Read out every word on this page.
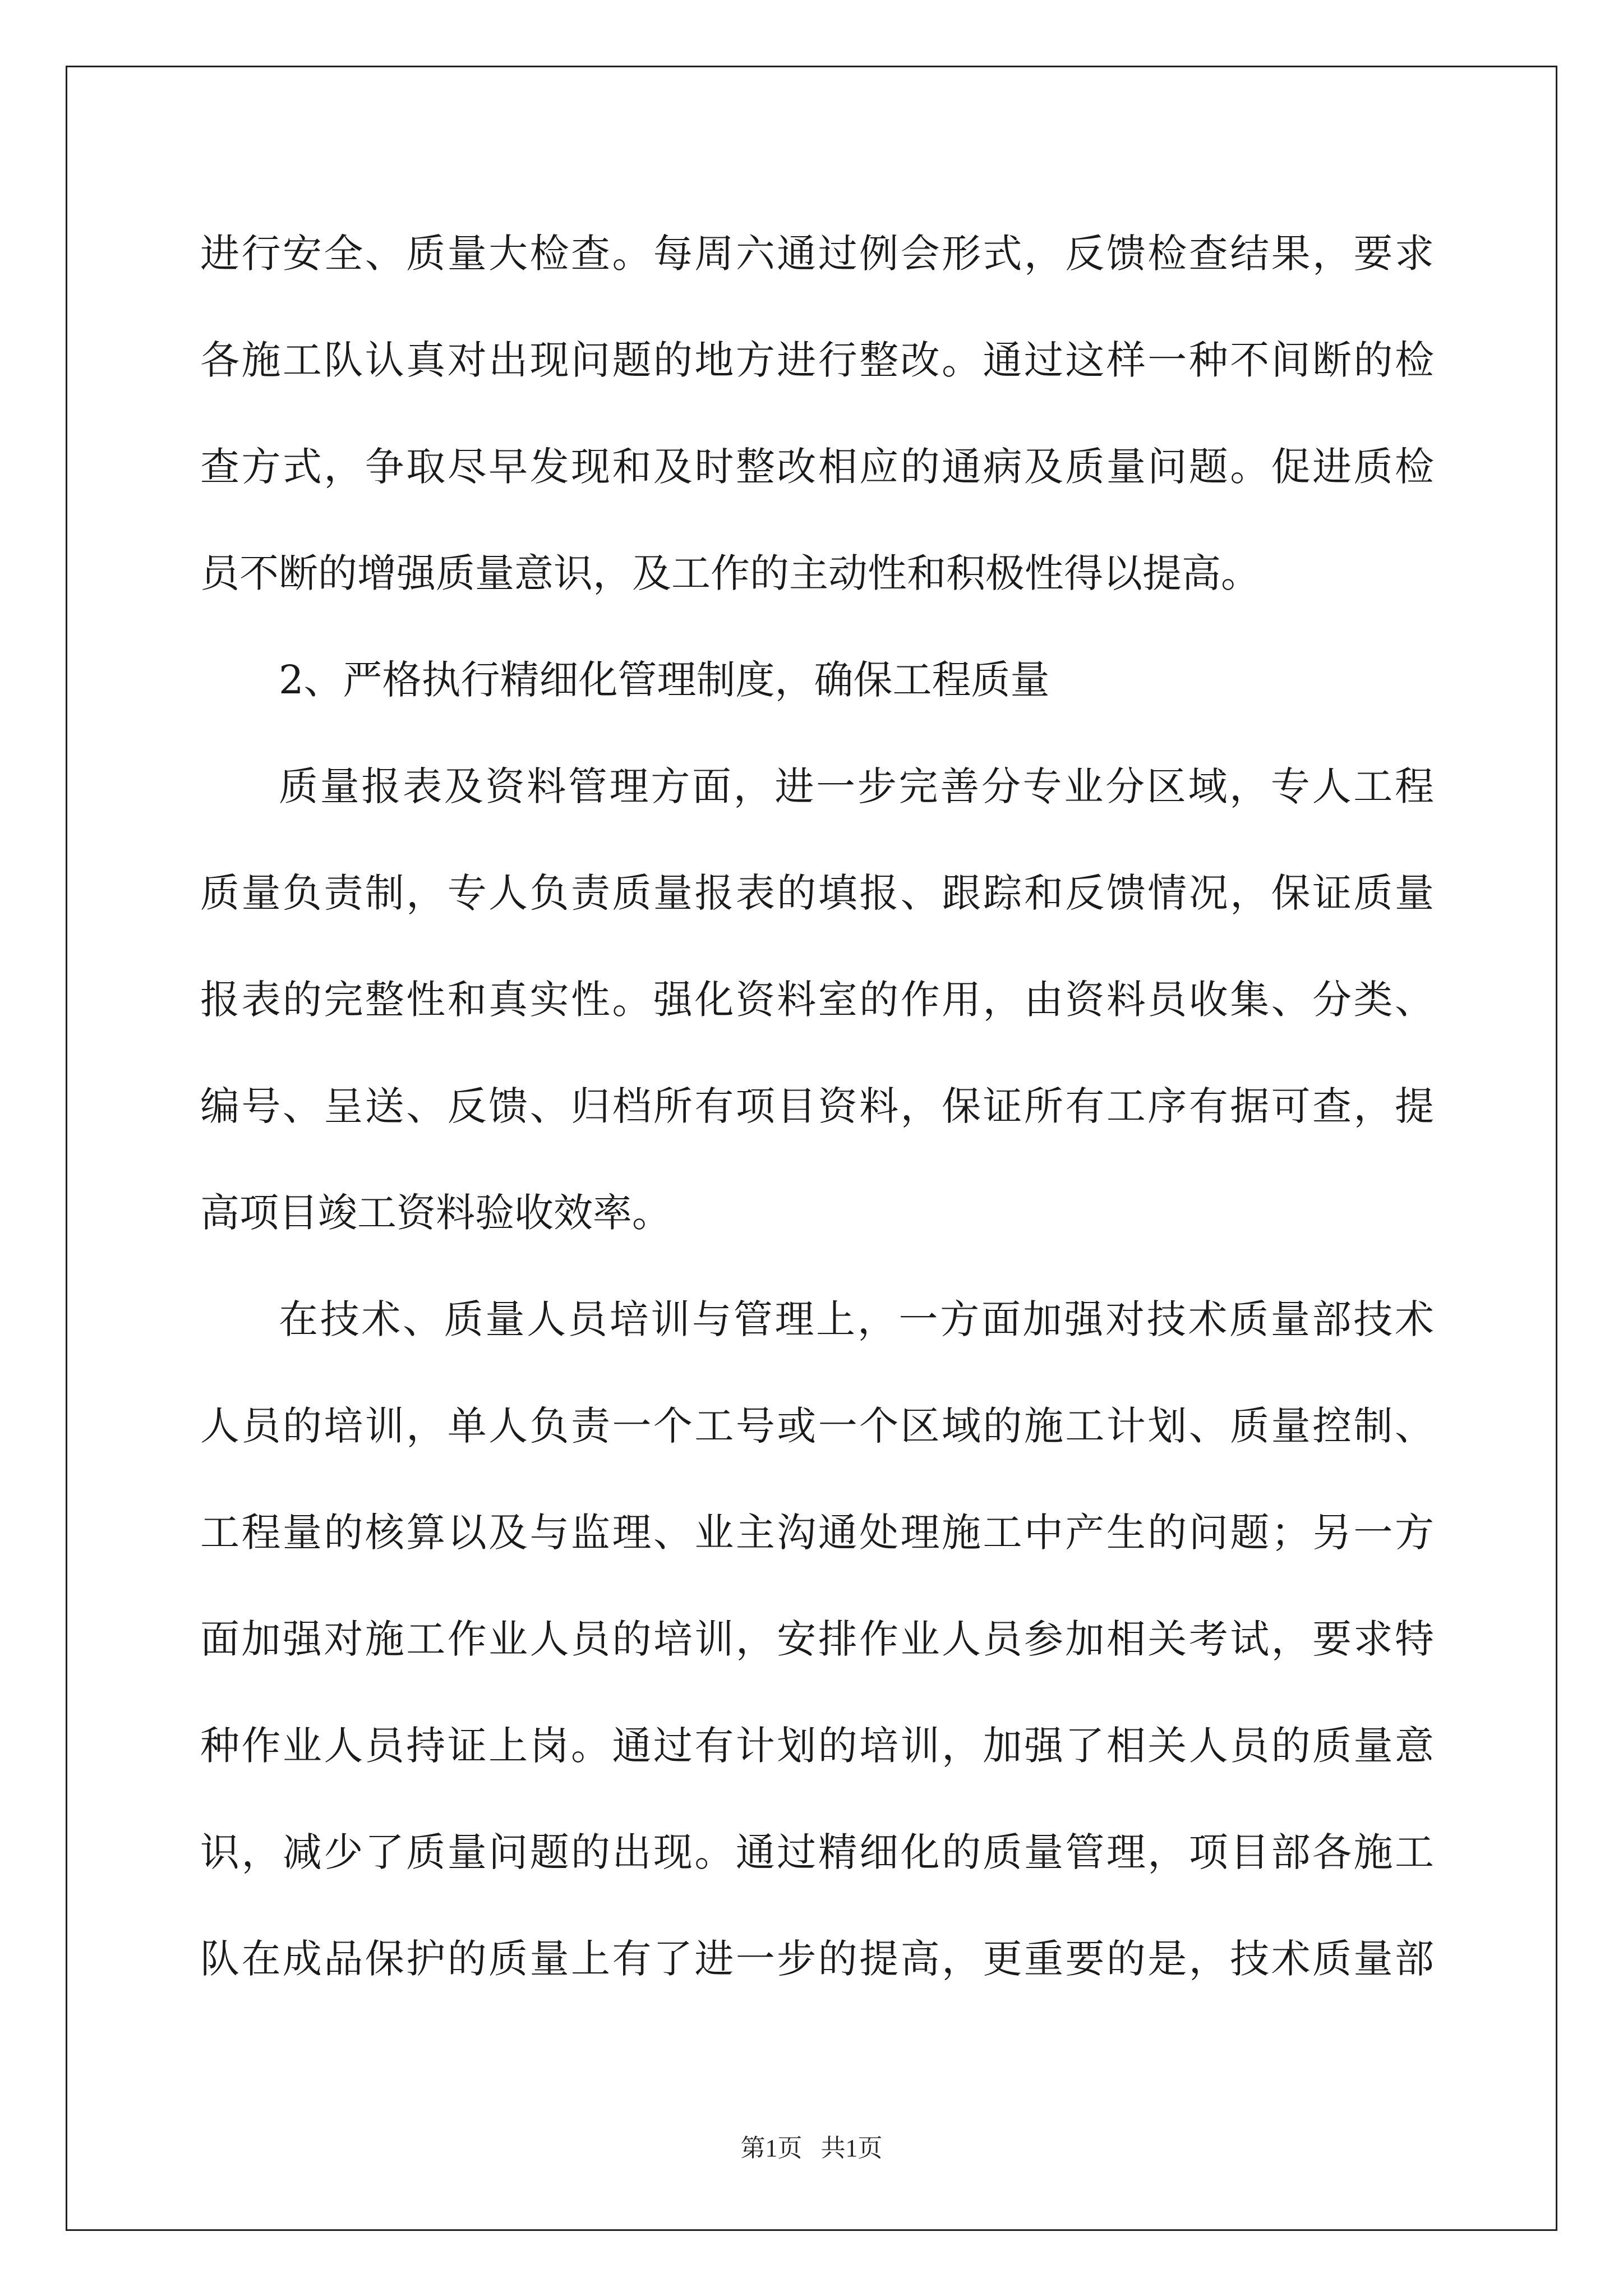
进行安全、质量大检查。每周六通过例会形式，反馈检查结果，要求
各施工队认真对出现问题的地方进行整改。通过这样一种不间断的检
查方式，争取尽早发现和及时整改相应的通病及质量问题。促进质检
员不断的增强质量意识，及工作的主动性和积极性得以提高。
2、严格执行精细化管理制度，确保工程质量
质量报表及资料管理方面，进一步完善分专业分区域，专人工程
质量负责制，专人负责质量报表的填报、跟踪和反馈情况，保证质量
报表的完整性和真实性。强化资料室的作用，由资料员收集、分类、
编号、呈送、反馈、归档所有项目资料，保证所有工序有据可查，提
高项目竣工资料验收效率。
在技术、质量人员培训与管理上，一方面加强对技术质量部技术
人员的培训，单人负责一个工号或一个区域的施工计划、质量控制、
工程量的核算以及与监理、业主沟通处理施工中产生的问题；另一方
面加强对施工作业人员的培训，安排作业人员参加相关考试，要求特
种作业人员持证上岗。通过有计划的培训，加强了相关人员的质量意
识，减少了质量问题的出现。通过精细化的质量管理，项目部各施工
队在成品保护的质量上有了进一步的提高，更重要的是，技术质量部
第1页   共1页
